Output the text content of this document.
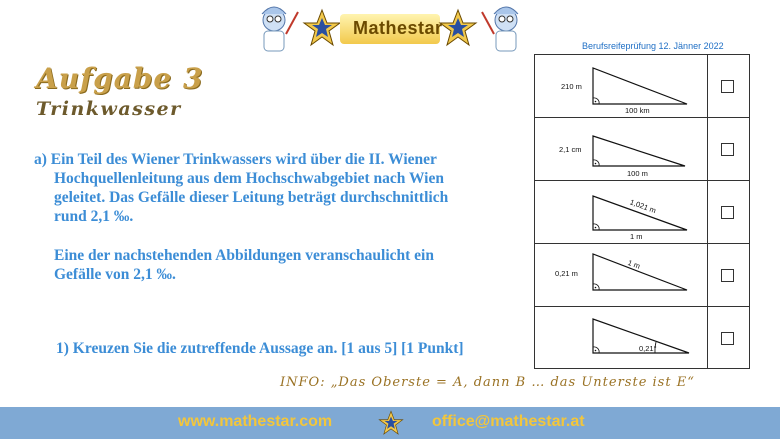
Mathestar
Berufsreifeprüfung 12. Jänner 2022
Aufgabe 3
Trinkwasser

a) Ein Teil des Wiener Trinkwassers wird über die II. Wiener

Hochquellenleitung aus dem Hochschwabgebiet nach Wien

geleitet. Das Gefälle dieser Leitung beträgt durchschnittlich

rund 2,1 ‰.

Eine der nachstehenden Abbildungen veranschaulicht ein

Gefälle von 2,1 ‰.

1) Kreuzen Sie die zutreffende Aussage an. [1 aus 5] [1 Punkt]
210 m
100 km
2,1 cm
100 m
1,021 m
1 m
0,21 m
1 m
0,21°
INFO: „Das Oberste = A, dann B … das Unterste ist E“
www.mathestar.com	office@mathestar.at
